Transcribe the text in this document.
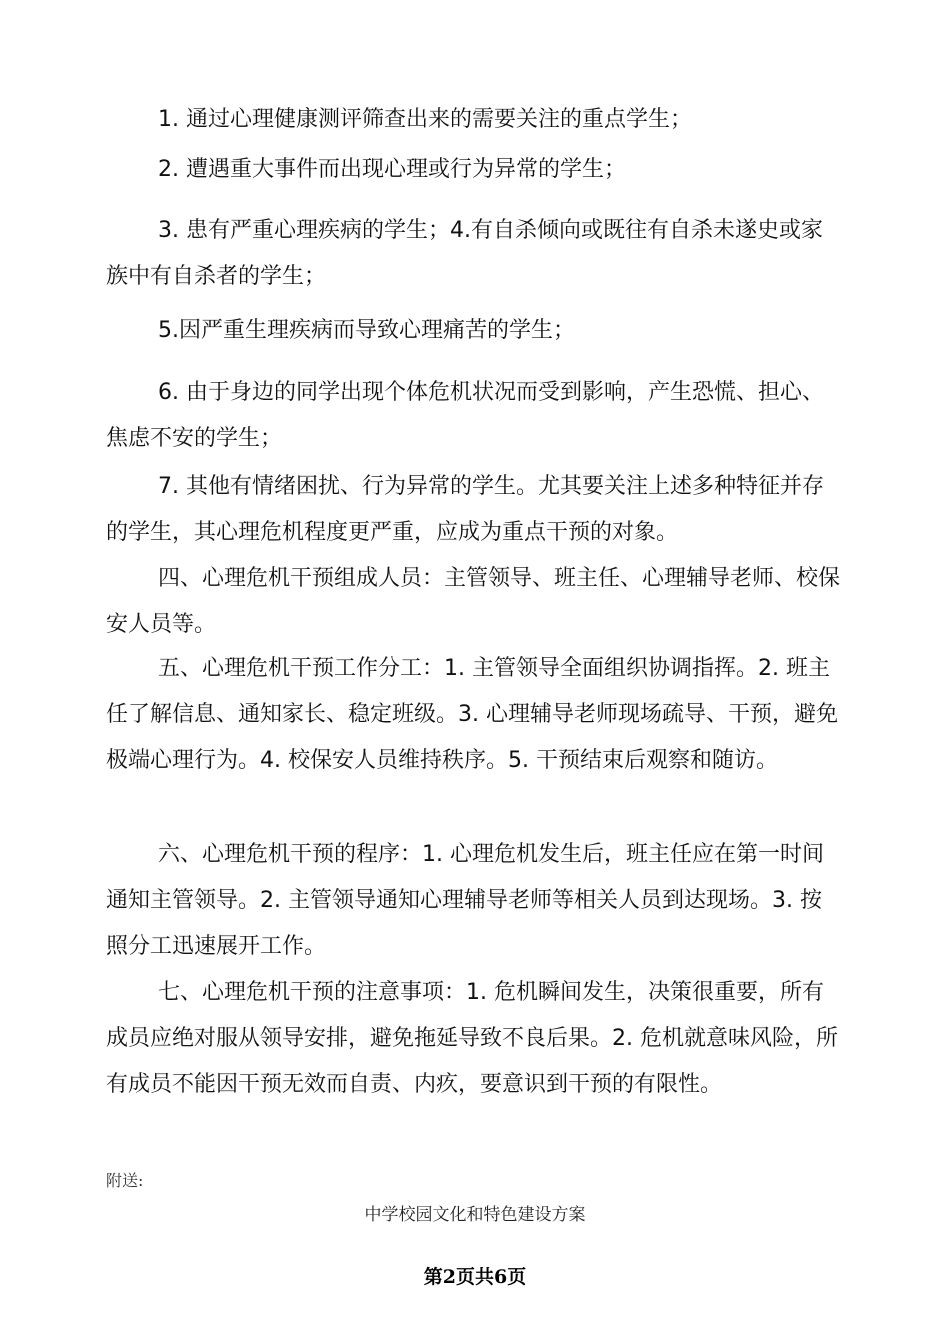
1. 通过心理健康测评筛查出来的需要关注的重点学生；

2. 遭遇重大事件而出现心理或行为异常的学生；

3. 患有严重心理疾病的学生；4.有自杀倾向或既往有自杀未遂史或家族中有自杀者的学生；

5.因严重生理疾病而导致心理痛苦的学生；

6. 由于身边的同学出现个体危机状况而受到影响，产生恐慌、担心、焦虑不安的学生；

7. 其他有情绪困扰、行为异常的学生。尤其要关注上述多种特征并存的学生，其心理危机程度更严重，应成为重点干预的对象。

四、心理危机干预组成人员：主管领导、班主任、心理辅导老师、校保安人员等。

五、心理危机干预工作分工：1. 主管领导全面组织协调指挥。2. 班主任了解信息、通知家长、稳定班级。3. 心理辅导老师现场疏导、干预，避免极端心理行为。4. 校保安人员维持秩序。5. 干预结束后观察和随访。

六、心理危机干预的程序：1. 心理危机发生后，班主任应在第一时间通知主管领导。2. 主管领导通知心理辅导老师等相关人员到达现场。3. 按照分工迅速展开工作。

七、心理危机干预的注意事项：1. 危机瞬间发生，决策很重要，所有成员应绝对服从领导安排，避免拖延导致不良后果。2. 危机就意味风险，所有成员不能因干预无效而自责、内疚，要意识到干预的有限性。

附送:
中学校园文化和特色建设方案
第2页共6页
